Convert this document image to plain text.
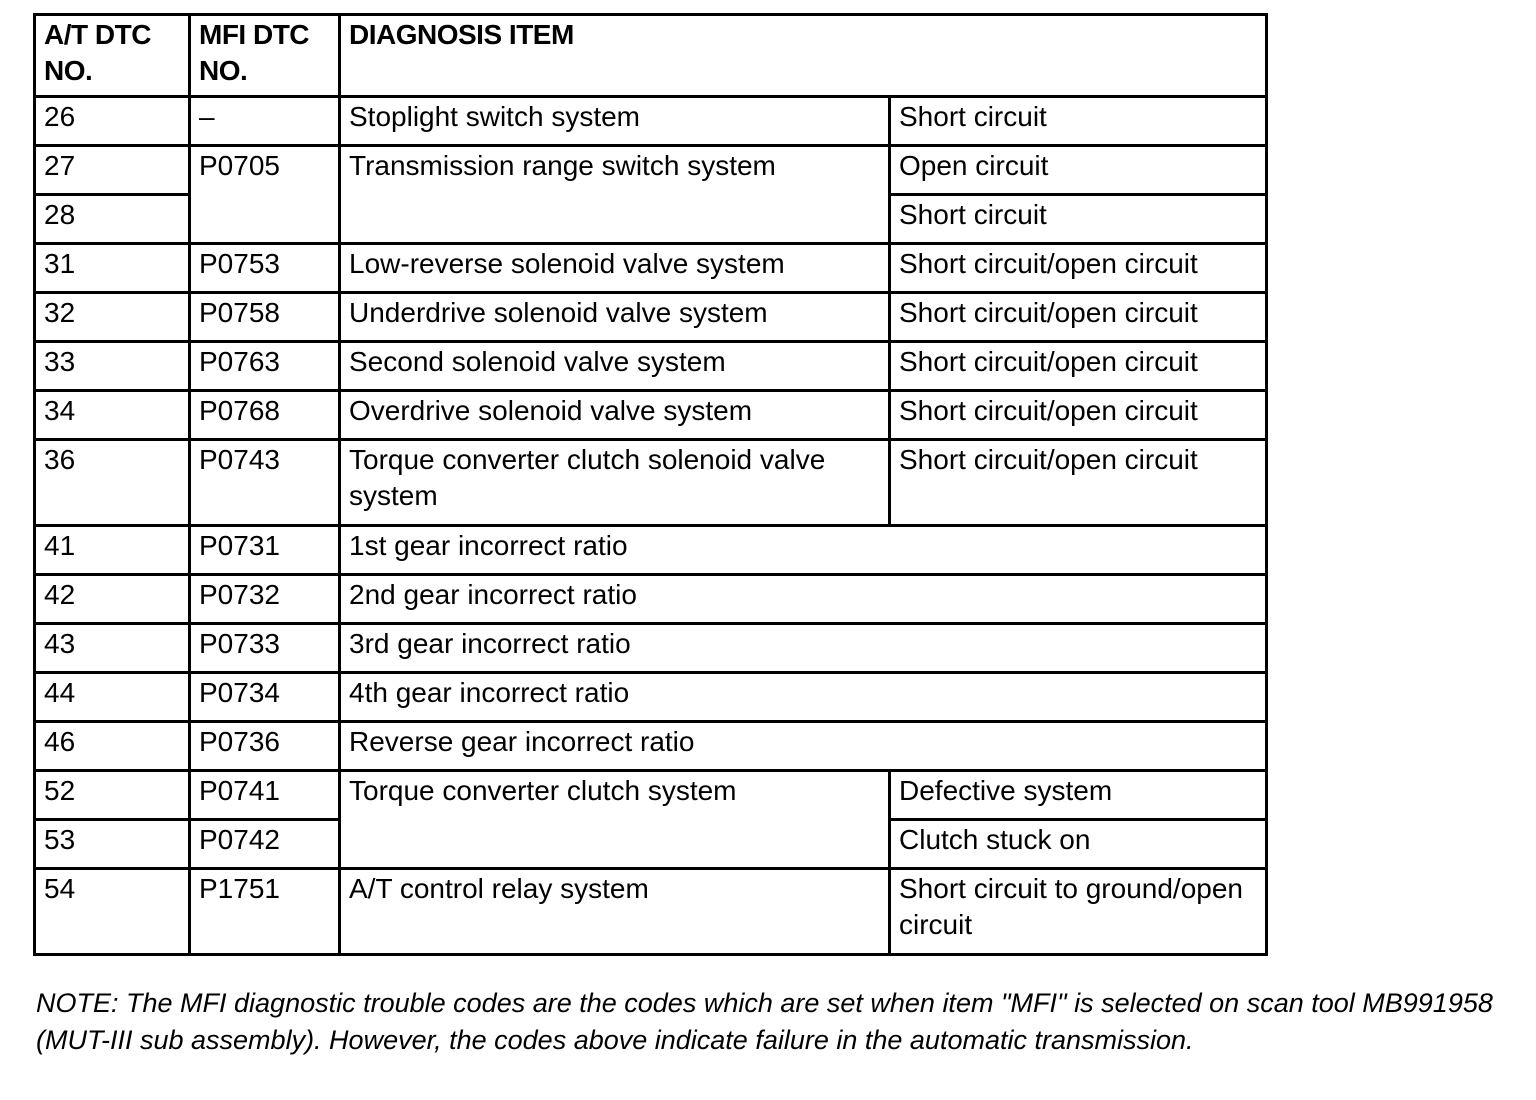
A/T DTC NO.	MFI DTC NO.	DIAGNOSIS ITEM	
26	–	Stoplight switch system	Short circuit
27	P0705	Transmission range switch system	Open circuit
28			Short circuit
31	P0753	Low-reverse solenoid valve system	Short circuit/open circuit
32	P0758	Underdrive solenoid valve system	Short circuit/open circuit
33	P0763	Second solenoid valve system	Short circuit/open circuit
34	P0768	Overdrive solenoid valve system	Short circuit/open circuit
36	P0743	Torque converter clutch solenoid valve system	Short circuit/open circuit
41	P0731	1st gear incorrect ratio	
42	P0732	2nd gear incorrect ratio	
43	P0733	3rd gear incorrect ratio	
44	P0734	4th gear incorrect ratio	
46	P0736	Reverse gear incorrect ratio	
52	P0741	Torque converter clutch system	Defective system
53	P0742		Clutch stuck on
54	P1751	A/T control relay system	Short circuit to ground/open circuit
NOTE: The MFI diagnostic trouble codes are the codes which are set when item "MFI" is selected on scan tool MB991958 (MUT-III sub assembly). However, the codes above indicate failure in the automatic transmission.
